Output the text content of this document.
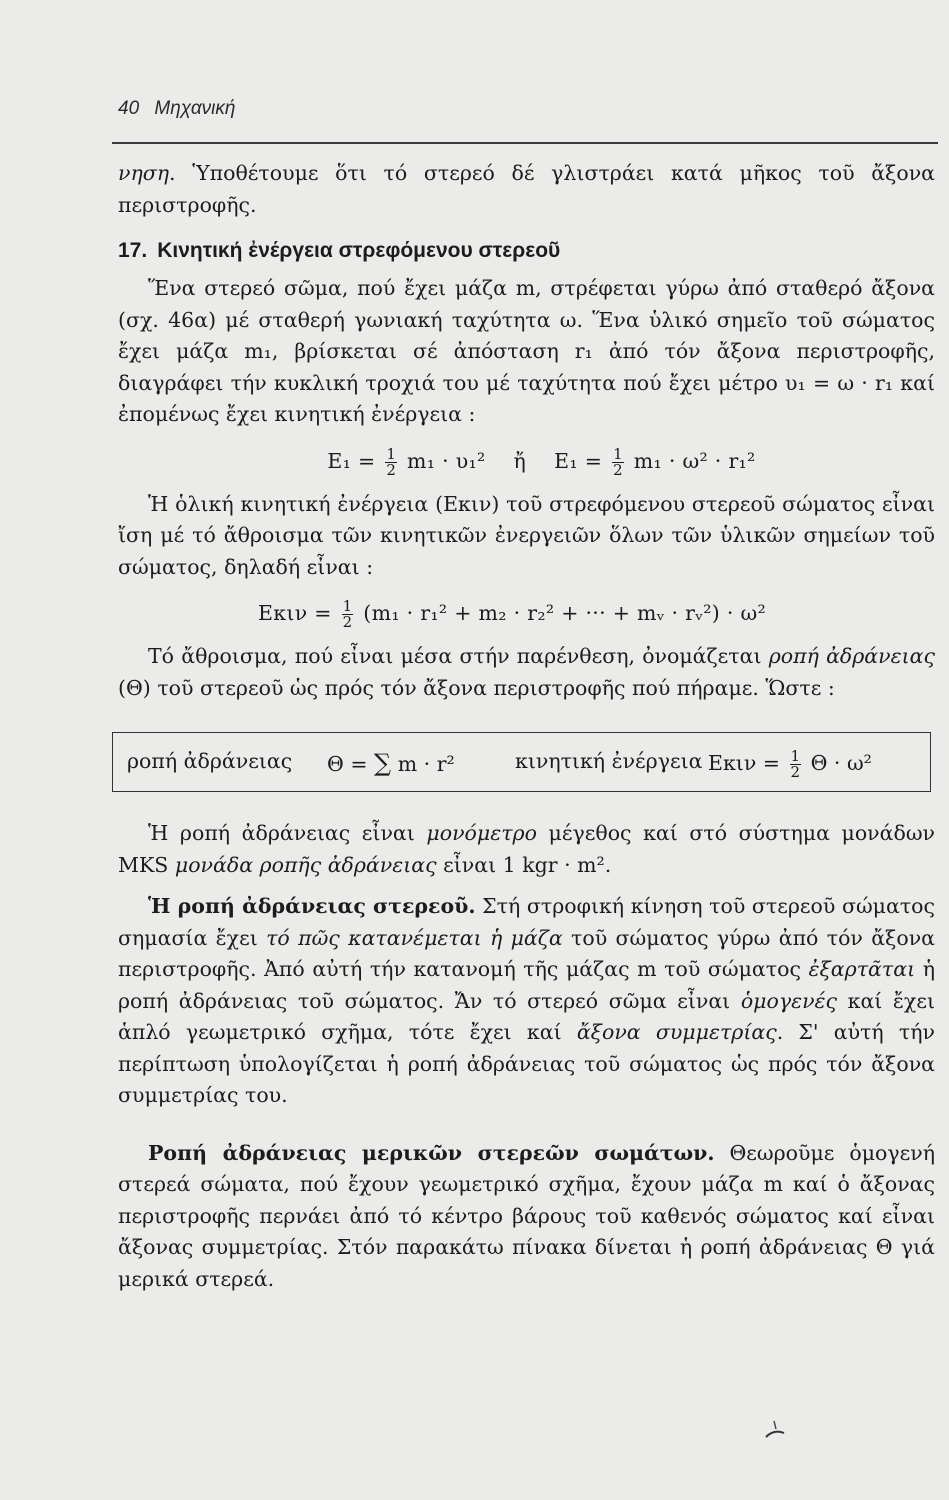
40 Μηχανική

νηση. Ὑποθέτουμε ὅτι τό στερεό δέ γλιστράει κατά μῆκος τοῦ ἄξονα περιστροφῆς.

17. Κινητική ἐνέργεια στρεφόμενου στερεοῦ

Ἕνα στερεό σῶμα, πού ἔχει μάζα m, στρέφεται γύρω ἀπό σταθερό ἄξονα (σχ. 46α) μέ σταθερή γωνιακή ταχύτητα ω. Ἕνα ὑλικό σημεῖο τοῦ σώματος ἔχει μάζα m₁, βρίσκεται σέ ἀπόσταση r₁ ἀπό τόν ἄξονα περιστροφῆς, διαγράφει τήν κυκλική τροχιά του μέ ταχύτητα πού ἔχει μέτρο υ₁ = ω · r₁ καί ἐπομένως ἔχει κινητική ἐνέργεια :

$E_1 = \frac{1}{2} m_1 \cdot \upsilon_1^2$ ἤ $E_1 = \frac{1}{2} m_1 \cdot \omega^2 \cdot r_1^2$

Ἡ ὁλική κινητική ἐνέργεια (Eκιν) τοῦ στρεφόμενου στερεοῦ σώματος εἶναι ἴση μέ τό ἄθροισμα τῶν κινητικῶν ἐνεργειῶν ὅλων τῶν ὑλικῶν σημείων τοῦ σώματος, δηλαδή εἶναι :

$E\kappa\iota\nu = \frac{1}{2} (m_1 \cdot r_1^2 + m_2 \cdot r_2^2$ + ··· + mᵥ · rᵥ²) · ω²

Τό ἄθροισμα, πού εἶναι μέσα στήν παρένθεση, ὀνομάζεται ροπή ἀδράνειας (Θ) τοῦ στερεοῦ ὡς πρός τόν ἄξονα περιστροφῆς πού πήραμε. Ὥστε :

ροπή ἀδράνειας Θ = ∑ m · r²	κινητική ἐνέργεια $E\kappa\iota\nu = \frac{1}{2}$ Θ · ω²

Ἡ ροπή ἀδράνειας εἶναι μονόμετρο μέγεθος καί στό σύστημα μονάδων MKS μονάδα ροπῆς ἀδράνειας εἶναι 1 kgr · m².

Ἡ ροπή ἀδράνειας στερεοῦ. Στή στροφική κίνηση τοῦ στερεοῦ σώματος σημασία ἔχει τό πῶς κατανέμεται ἡ μάζα τοῦ σώματος γύρω ἀπό τόν ἄξονα περιστροφῆς. Ἀπό αὐτή τήν κατανομή τῆς μάζας m τοῦ σώματος ἐξαρτᾶται ἡ ροπή ἀδράνειας τοῦ σώματος. Ἄν τό στερεό σῶμα εἶναι ὁμογενές καί ἔχει ἁπλό γεωμετρικό σχῆμα, τότε ἔχει καί ἄξονα συμμετρίας. Σ' αὐτή τήν περίπτωση ὑπολογίζεται ἡ ροπή ἀδράνειας τοῦ σώματος ὡς πρός τόν ἄξονα συμμετρίας του.

Ροπή ἀδράνειας μερικῶν στερεῶν σωμάτων. Θεωροῦμε ὁμογενή στερεά σώματα, πού ἔχουν γεωμετρικό σχῆμα, ἔχουν μάζα m καί ὁ ἄξονας περιστροφῆς περνάει ἀπό τό κέντρο βάρους τοῦ καθενός σώματος καί εἶναι ἄξονας συμμετρίας. Στόν παρακάτω πίνακα δίνεται ἡ ροπή ἀδράνειας Θ γιά μερικά στερεά.
